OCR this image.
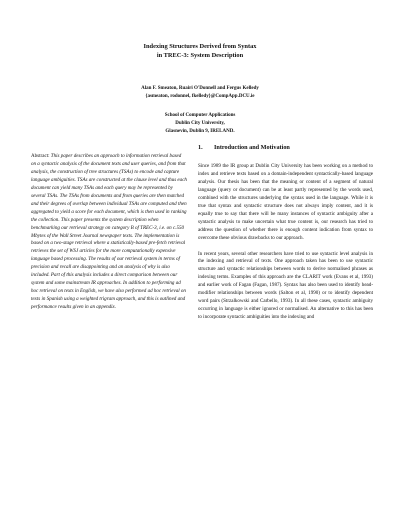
Indexing Structures Derived from Syntax
in TREC-3: System Description
Alan F. Smeaton, Ruairi O'Donnell and Fergus Kelledy
{asmeaton, rodonnel, fkelledy}@CompApp.DCU.ie
School of Computer Applications
Dublin City University,
Glasnevin, Dublin 9, IRELAND.
Abstract: This paper describes an approach to information retrieval based on a syntactic analysis of the document texts and user queries, and from that analysis, the construction of tree structures (TSAs) to encode and capture language ambiguities. TSAs are constructed at the clause level and thus each document can yield many TSAs and each query may be represented by several TSAs. The TSAs from documents and from queries are then matched and their degrees of overlap between individual TSAs are computed and then aggregated to yield a score for each document, which is then used in ranking the collection. This paper presents the system description when benchmarking our retrieval strategy on category B of TREC-3, i.e. on c.550 Mbytes of the Wall Street Journal newspaper texts. The implementation is based on a two-stage retrieval where a statistically-based pre-fetch retrieval retrieves the set of WSJ articles for the more computationally expensive language based processing. The results of our retrieval system in terms of precision and recall are disappointing and an analysis of why is also included. Part of this analysis includes a direct comparison between our system and some mainstream IR approaches. In addition to performing ad hoc retrieval on texts in English, we have also performed ad hoc retrieval on texts in Spanish using a weighted trigram approach, and this is outlined and performance results given in an appendix.
1. Introduction and Motivation

Since 1989 the IR group at Dublin City University has been working on a method to index and retrieve texts based on a domain-independent syntactically-based language analysis. Our thesis has been that the meaning or content of a segment of natural language (query or document) can be at least partly represented by the words used, combined with the structures underlying the syntax used in the language. While it is true that syntax and syntactic structure does not always imply content, and it is equally true to say that there will be many instances of syntactic ambiguity after a syntactic analysis to make uncertain what true content is, our research has tried to address the question of whether there is enough content indication from syntax to overcome these obvious drawbacks to our approach.

In recent years, several other researchers have tried to use syntactic level analysis in the indexing and retrieval of texts. One approach taken has been to use syntactic structure and syntactic relationships between words to derive normalised phrases as indexing terms. Examples of this approach are the CLARIT work (Evans et al, 1993) and earlier work of Fagan (Fagan, 1987). Syntax has also been used to identify head-modifier relationships between words (Salton et al, 1990) or to identify dependent word pairs (Strzalkowski and Carbello, 1993). In all these cases, syntactic ambiguity occurring in language is either ignored or normalised. An alternative to this has been to incorporate syntactic ambiguities into the indexing and
